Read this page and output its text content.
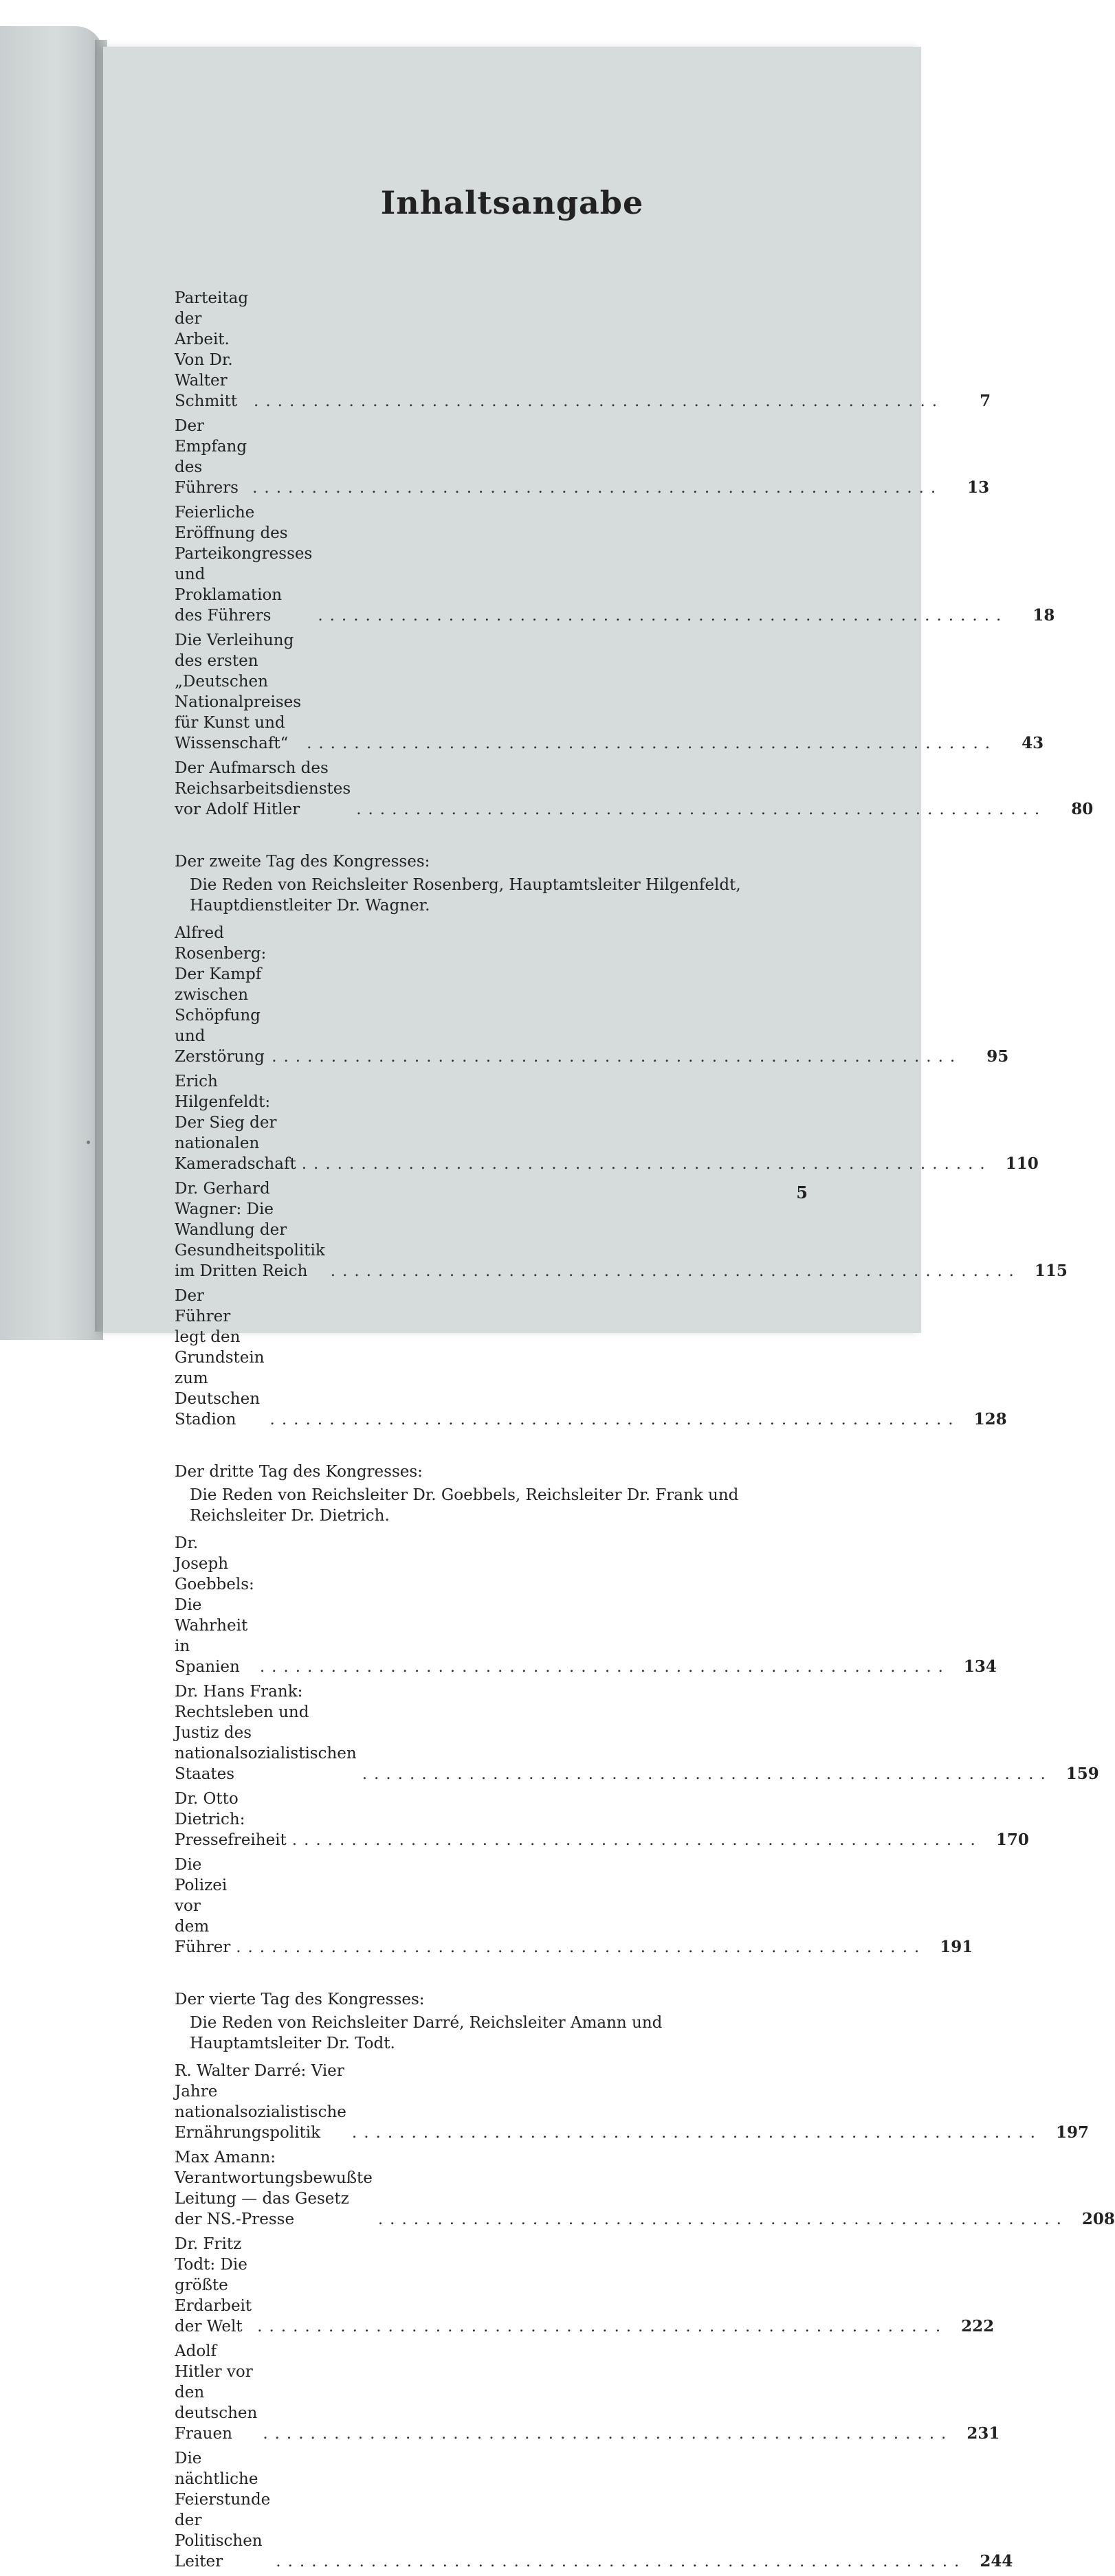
Inhaltsangabe
Parteitag der Arbeit. Von Dr. Walter Schmitt	..........................................................	7
Der Empfang des Führers ..........................................................	13
Feierliche Eröffnung des Parteikongresses und Proklamation des Führers	..........................................................	18
Die Verleihung des ersten „Deutschen Nationalpreises für Kunst und Wissenschaft“	..........................................................	43
Der Aufmarsch des Reichsarbeitsdienstes vor Adolf Hitler	..........................................................	80
Der zweite Tag des Kongresses:
Die Reden von Reichsleiter Rosenberg, Hauptamtsleiter Hilgenfeldt, Hauptdienstleiter Dr. Wagner.
Alfred Rosenberg: Der Kampf zwischen Schöpfung und Zerstörung ..........................................................	95
Erich Hilgenfeldt: Der Sieg der nationalen Kameradschaft .......................................................... 110
Dr. Gerhard Wagner: Die Wandlung der Gesundheitspolitik im Dritten Reich	.......................................................... 115
Der Führer legt den Grundstein zum Deutschen Stadion	.......................................................... 128
Der dritte Tag des Kongresses:
Die Reden von Reichsleiter Dr. Goebbels, Reichsleiter Dr. Frank und Reichsleiter Dr. Dietrich.
Dr. Joseph Goebbels: Die Wahrheit in Spanien	.......................................................... 134
Dr. Hans Frank: Rechtsleben und Justiz des nationalsozialistischen Staates	.......................................................... 159
Dr. Otto Dietrich: Pressefreiheit .......................................................... 170
Die Polizei vor dem Führer .......................................................... 191
Der vierte Tag des Kongresses:
Die Reden von Reichsleiter Darré, Reichsleiter Amann und Hauptamtsleiter Dr. Todt.
R. Walter Darré: Vier Jahre nationalsozialistische Ernährungspolitik	.......................................................... 197
Max Amann: Verantwortungsbewußte Leitung — das Gesetz der NS.-Presse	.......................................................... 208
Dr. Fritz Todt: Die größte Erdarbeit der Welt .......................................................... 222
Adolf Hitler vor den deutschen Frauen	.......................................................... 231
Die nächtliche Feierstunde der Politischen Leiter	.......................................................... 244
5
